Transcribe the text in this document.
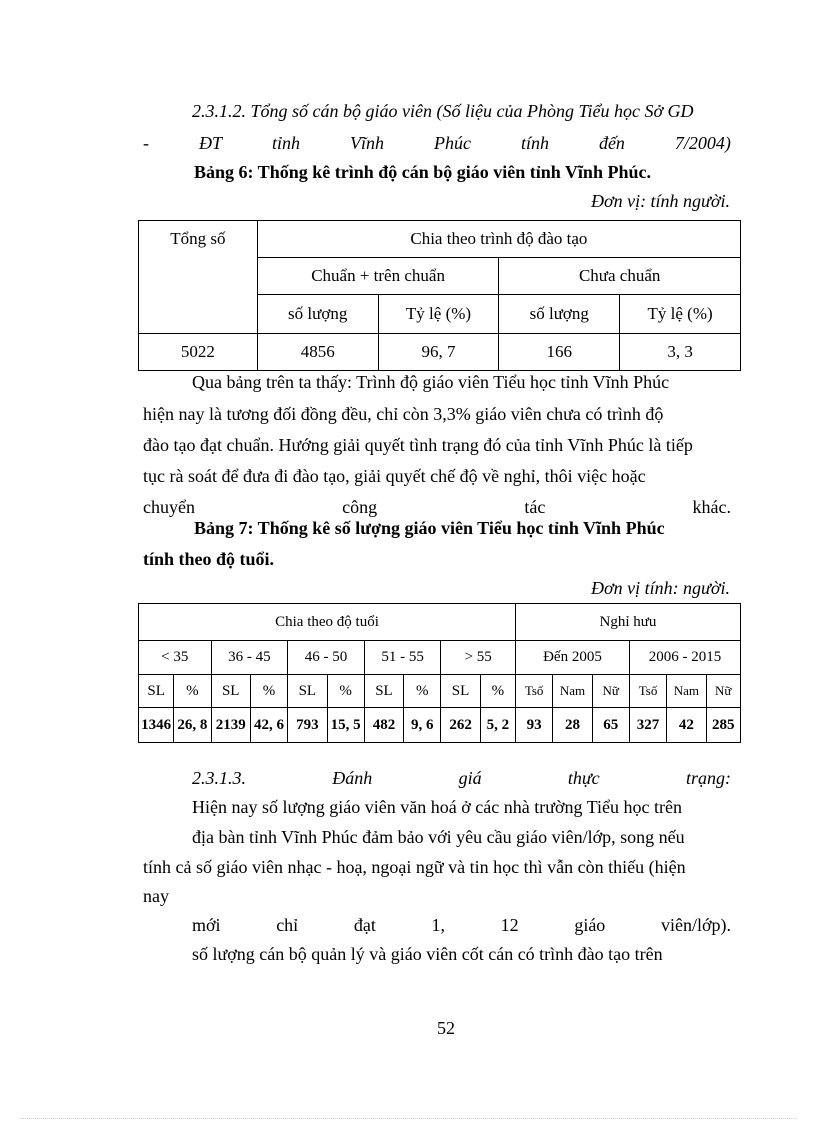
2.3.1.2. Tổng số cán bộ giáo viên (Số liệu của Phòng Tiểu học Sở GD
-	ĐT	tỉnh	Vĩnh	Phúc	tính	đến	7/2004)
Bảng 6: Thống kê trình độ cán bộ giáo viên tỉnh Vĩnh Phúc.
Đơn vị: tính người.
Tổng số	Chia theo trình độ đào tạo			
	Chuẩn + trên chuẩn		Chưa chuẩn	
	số lượng	Tỷ lệ (%)	số lượng	Tỷ lệ (%)
5022	4856	96, 7	166	3, 3
Qua bảng trên ta thấy: Trình độ giáo viên Tiểu học tỉnh Vĩnh Phúc
hiện nay là tương đối đồng đều, chỉ còn 3,3% giáo viên chưa có trình độ
đào tạo đạt chuẩn. Hướng giải quyết tình trạng đó của tỉnh Vĩnh Phúc là tiếp
tục rà soát để đưa đi đào tạo, giải quyết chế độ về nghỉ, thôi việc hoặc
chuyển	công	tác	khác.
Bảng 7: Thống kê số lượng giáo viên Tiểu học tỉnh Vĩnh Phúc
tính theo độ tuổi.
Đơn vị tính: người.
Chia theo độ tuổi										Nghỉ hưu					
< 35		36 - 45		46 - 50		51 - 55		> 55		Đến 2005			2006 - 2015		
SL	%	SL	%	SL	%	SL	%	SL	%	Tsố	Nam	Nữ	Tsố	Nam	Nữ
1346	26, 8	2139	42, 6	793	15, 5	482	9, 6	262	5, 2	93	28	65	327	42	285
2.3.1.3.	Đánh	giá	thực	trạng:
Hiện nay số lượng giáo viên văn hoá ở các nhà trường Tiểu học trên
địa bàn tỉnh Vĩnh Phúc đảm bảo với yêu cầu giáo viên/lớp, song nếu
tính cả số giáo viên nhạc - hoạ, ngoại ngữ và tin học thì vẫn còn thiếu (hiện
nay
mới	chỉ	đạt	1,	12	giáo	viên/lớp).
số lượng cán bộ quản lý và giáo viên cốt cán có trình đào tạo trên
52
